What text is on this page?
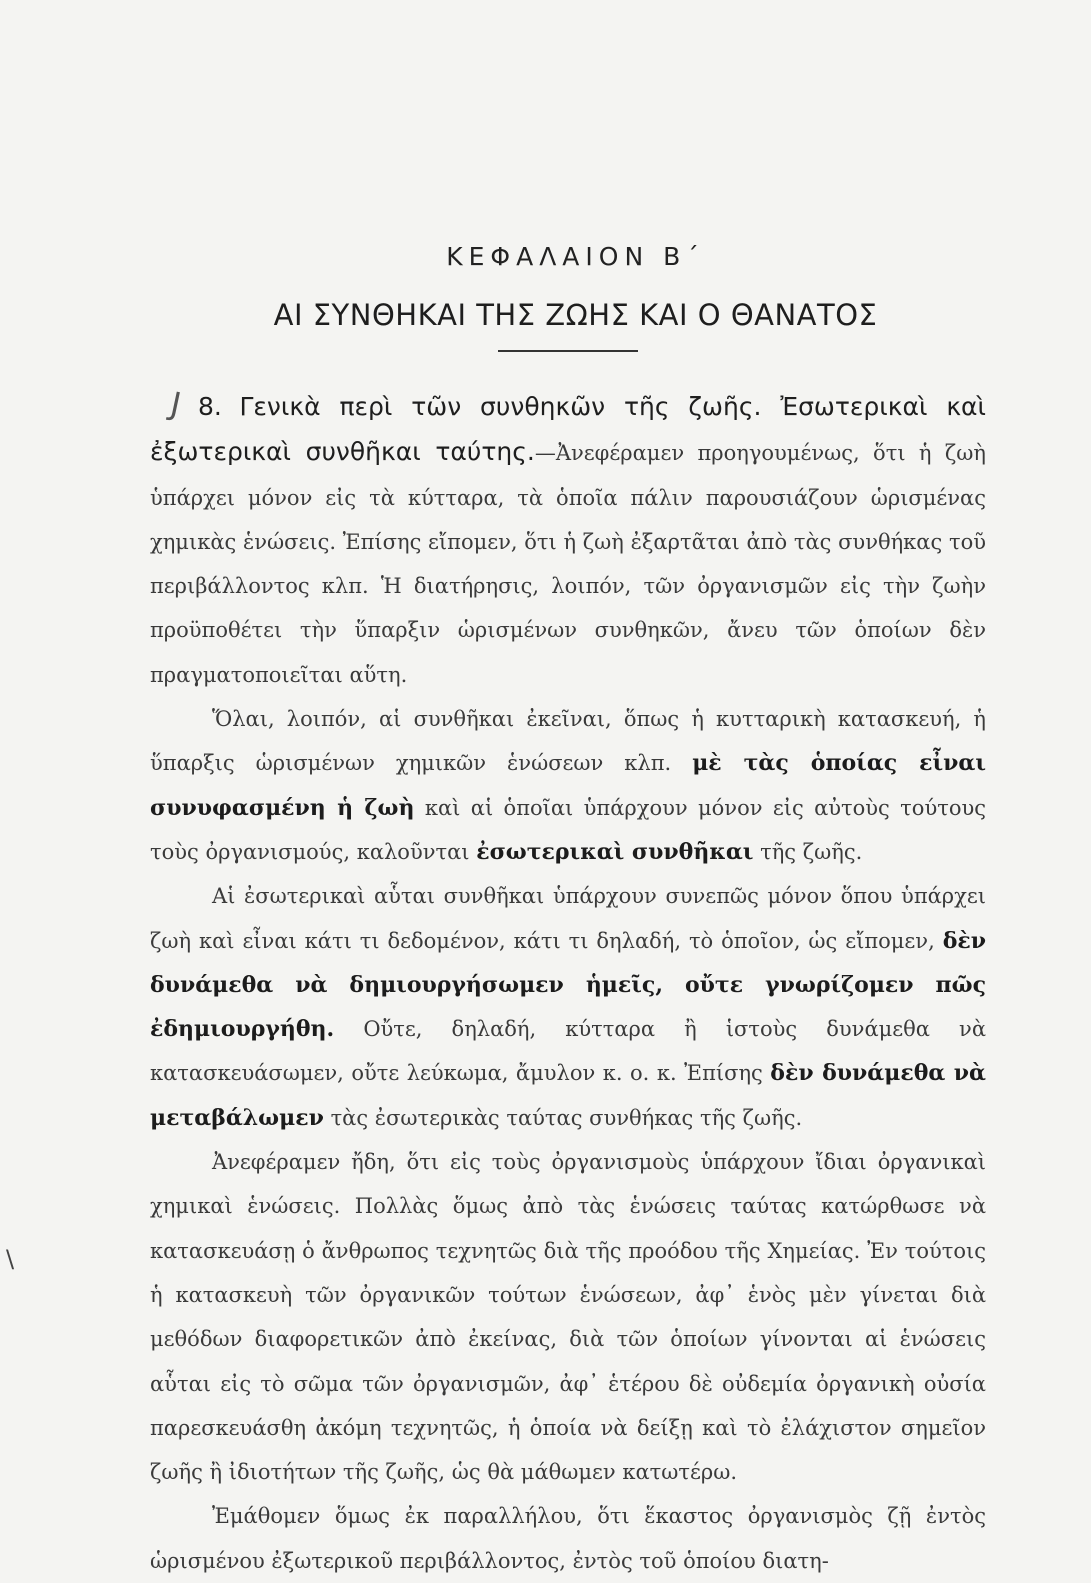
ΚΕΦΑΛΑΙΟΝ Β΄
ΑΙ ΣΥΝΘΗΚΑΙ ΤΗΣ ΖΩΗΣ ΚΑΙ Ο ΘΑΝΑΤΟΣ
J
\

8. Γενικὰ περὶ τῶν συνθηκῶν τῆς ζωῆς. Ἐσωτερικαὶ καὶ ἐξωτερικαὶ συνθῆκαι ταύτης.—Ἀνεφέραμεν προηγουμένως, ὅτι ἡ ζωὴ ὑπάρχει μόνον εἰς τὰ κύτταρα, τὰ ὁποῖα πάλιν παρουσιάζουν ὡρισμένας χημικὰς ἑνώσεις. Ἐπίσης εἴπομεν, ὅτι ἡ ζωὴ ἐξαρτᾶται ἀπὸ τὰς συνθήκας τοῦ περιβάλλοντος κλπ. Ἡ διατήρησις, λοιπόν, τῶν ὀργανισμῶν εἰς τὴν ζωὴν προϋποθέτει τὴν ὕπαρξιν ὡρισμένων συνθηκῶν, ἄνευ τῶν ὁποίων δὲν πραγματοποιεῖται αὕτη.

Ὅλαι, λοιπόν, αἱ συνθῆκαι ἐκεῖναι, ὅπως ἡ κυτταρικὴ κατασκευή, ἡ ὕπαρξις ὡρισμένων χημικῶν ἑνώσεων κλπ. μὲ τὰς ὁποίας εἶναι συνυφασμένη ἡ ζωὴ καὶ αἱ ὁποῖαι ὑπάρχουν μόνον εἰς αὐτοὺς τούτους τοὺς ὀργανισμούς, καλοῦνται ἐσωτερικαὶ συνθῆκαι τῆς ζωῆς.

Αἱ ἐσωτερικαὶ αὗται συνθῆκαι ὑπάρχουν συνεπῶς μόνον ὅπου ὑπάρχει ζωὴ καὶ εἶναι κάτι τι δεδομένον, κάτι τι δηλαδή, τὸ ὁποῖον, ὡς εἴπομεν, δὲν δυνάμεθα νὰ δημιουργήσωμεν ἡμεῖς, οὔτε γνωρίζομεν πῶς ἐδημιουργήθη. Οὔτε, δηλαδή, κύτταρα ἢ ἱστοὺς δυνάμεθα νὰ κατασκευάσωμεν, οὔτε λεύκωμα, ἄμυλον κ. ο. κ. Ἐπίσης δὲν δυνάμεθα νὰ μεταβάλωμεν τὰς ἐσωτερικὰς ταύτας συνθήκας τῆς ζωῆς.

Ἀνεφέραμεν ἤδη, ὅτι εἰς τοὺς ὀργανισμοὺς ὑπάρχουν ἴδιαι ὀργανικαὶ χημικαὶ ἑνώσεις. Πολλὰς ὅμως ἀπὸ τὰς ἑνώσεις ταύτας κατώρθωσε νὰ κατασκευάσῃ ὁ ἄνθρωπος τεχνητῶς διὰ τῆς προόδου τῆς Χημείας. Ἐν τούτοις ἡ κατασκευὴ τῶν ὀργανικῶν τούτων ἑνώσεων, ἀφ᾽ ἑνὸς μὲν γίνεται διὰ μεθόδων διαφορετικῶν ἀπὸ ἐκείνας, διὰ τῶν ὁποίων γίνονται αἱ ἑνώσεις αὗται εἰς τὸ σῶμα τῶν ὀργανισμῶν, ἀφ᾽ ἑτέρου δὲ οὐδεμία ὀργανικὴ οὐσία παρεσκευάσθη ἀκόμη τεχνητῶς, ἡ ὁποία νὰ δείξῃ καὶ τὸ ἐλάχιστον σημεῖον ζωῆς ἢ ἰδιοτήτων τῆς ζωῆς, ὡς θὰ μάθωμεν κατωτέρω.

Ἐμάθομεν ὅμως ἐκ παραλλήλου, ὅτι ἕκαστος ὀργανισμὸς ζῇ ἐντὸς ὡρισμένου ἐξωτερικοῦ περιβάλλοντος, ἐντὸς τοῦ ὁποίου διατη-
